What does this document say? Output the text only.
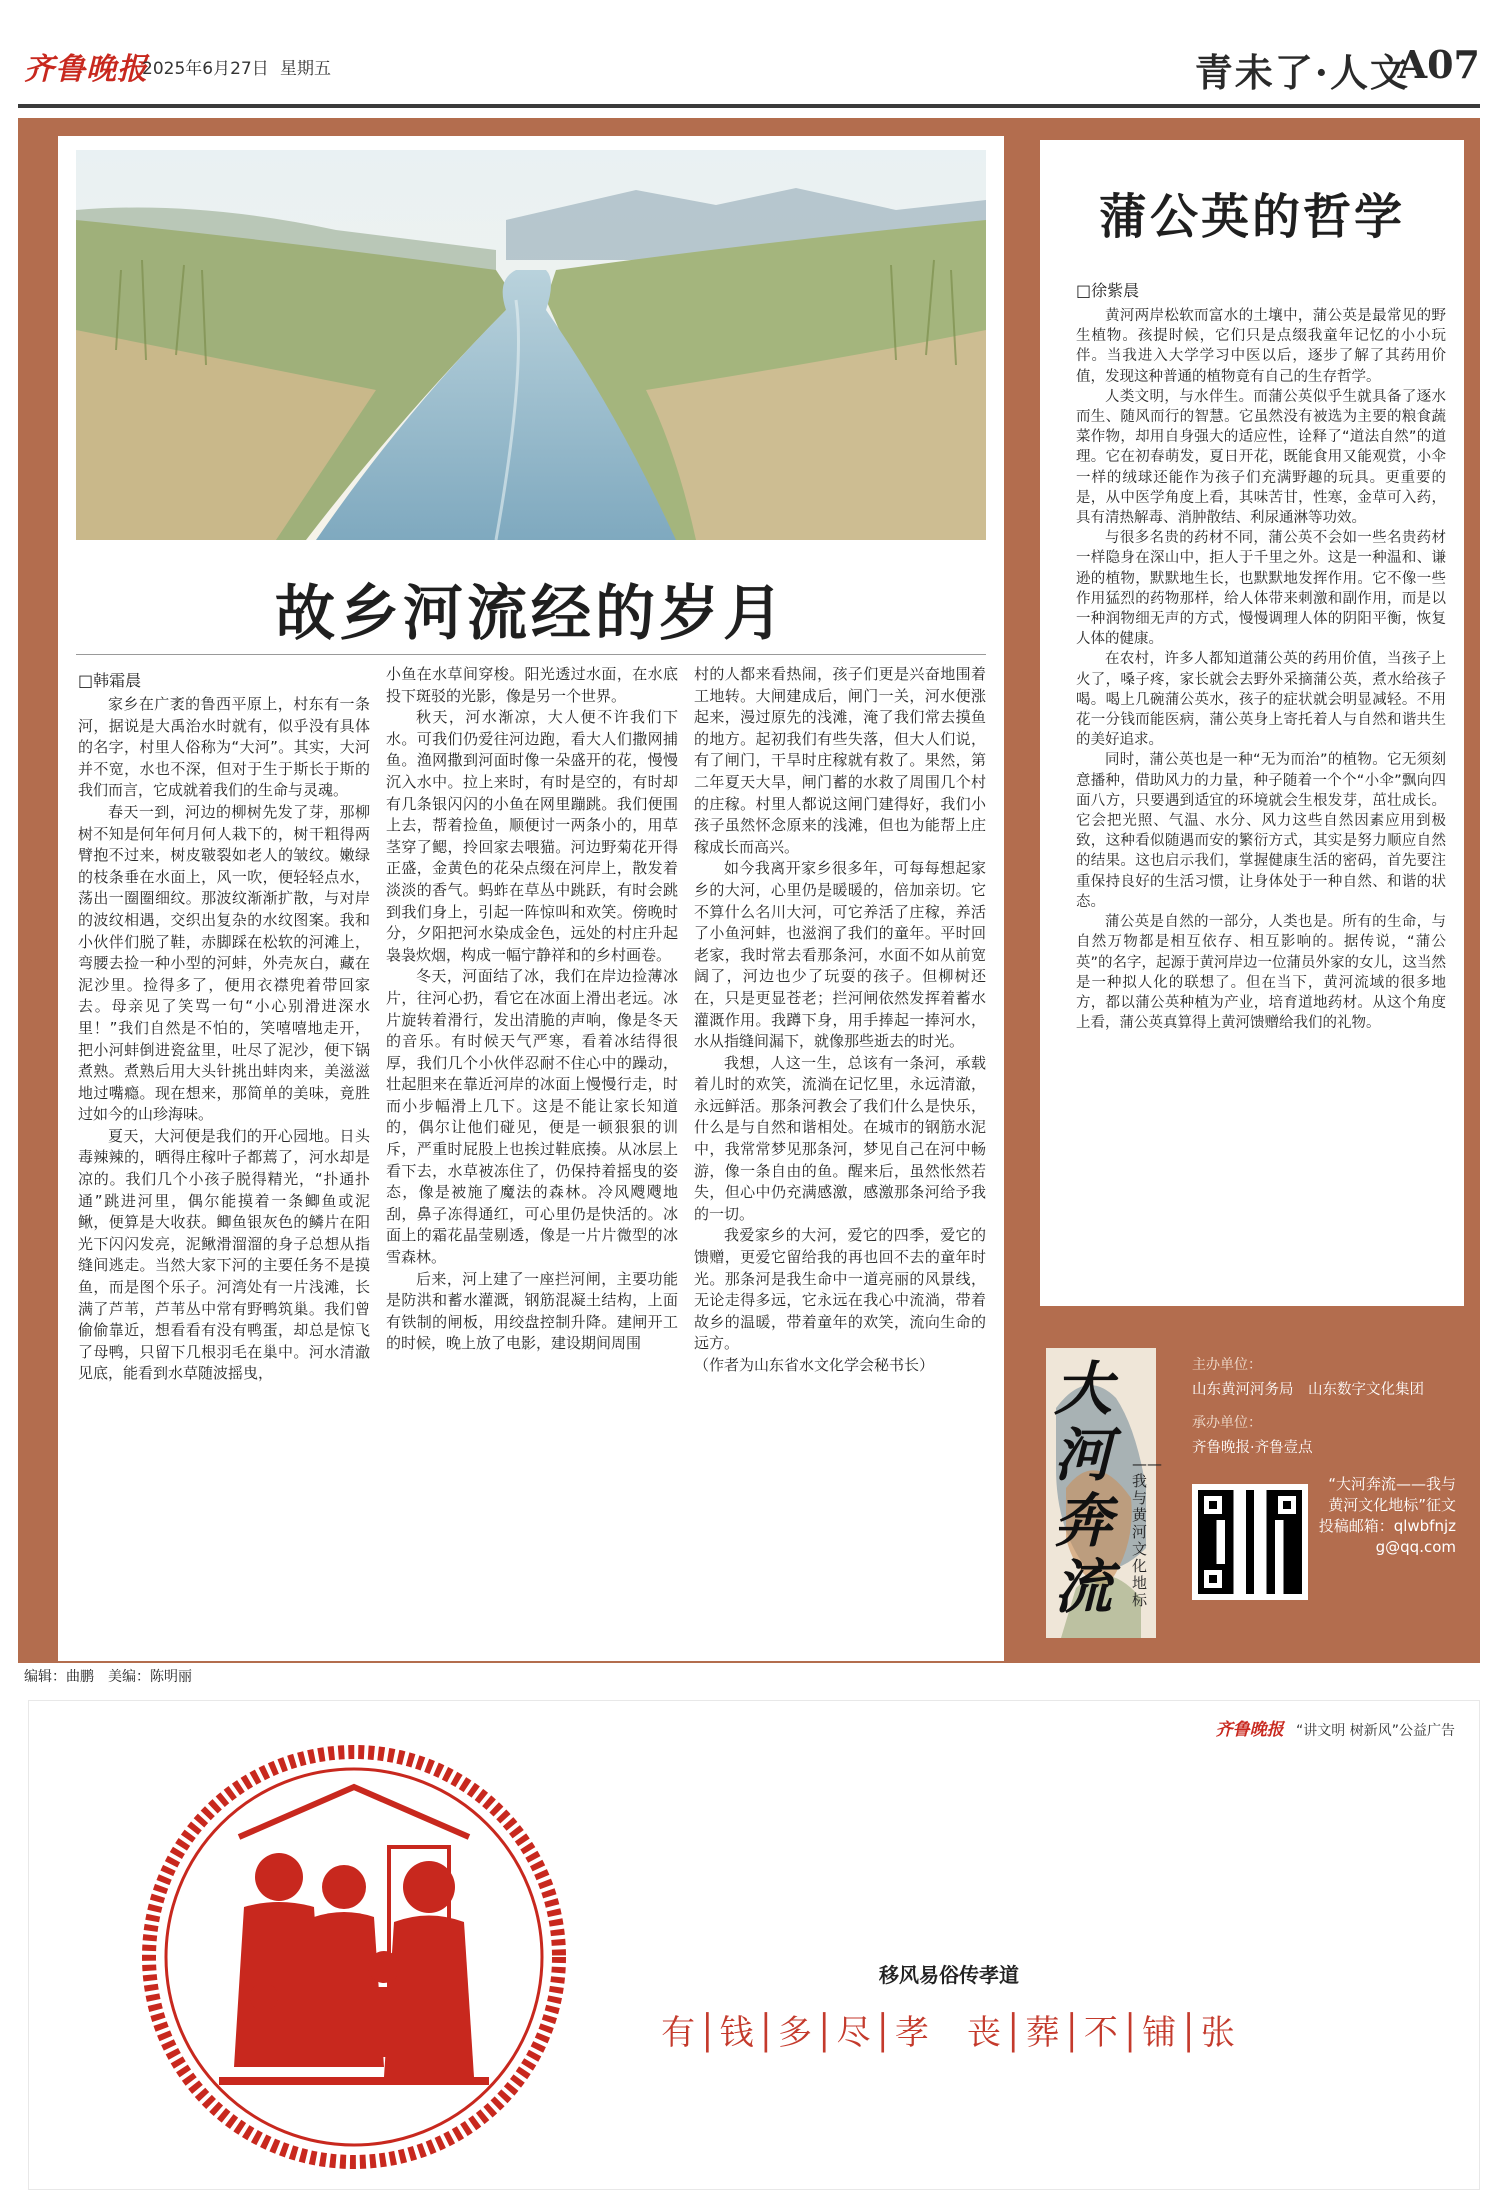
齐鲁晚报
2025年6月27日 星期五	青未了·人文
A07
故乡河流经的岁月
□韩霜晨

家乡在广袤的鲁西平原上，村东有一条河，据说是大禹治水时就有，似乎没有具体的名字，村里人俗称为“大河”。其实，大河并不宽，水也不深，但对于生于斯长于斯的我们而言，它成就着我们的生命与灵魂。

春天一到，河边的柳树先发了芽，那柳树不知是何年何月何人栽下的，树干粗得两臂抱不过来，树皮皲裂如老人的皱纹。嫩绿的枝条垂在水面上，风一吹，便轻轻点水，荡出一圈圈细纹。那波纹渐渐扩散，与对岸的波纹相遇，交织出复杂的水纹图案。我和小伙伴们脱了鞋，赤脚踩在松软的河滩上，弯腰去捡一种小型的河蚌，外壳灰白，藏在泥沙里。捡得多了，便用衣襟兜着带回家去。母亲见了笑骂一句“小心别滑进深水里！”我们自然是不怕的，笑嘻嘻地走开，把小河蚌倒进瓷盆里，吐尽了泥沙，便下锅煮熟。煮熟后用大头针挑出蚌肉来，美滋滋地过嘴瘾。现在想来，那简单的美味，竟胜过如今的山珍海味。

夏天，大河便是我们的开心园地。日头毒辣辣的，晒得庄稼叶子都蔫了，河水却是凉的。我们几个小孩子脱得精光，“扑通扑通”跳进河里，偶尔能摸着一条鲫鱼或泥鳅，便算是大收获。鲫鱼银灰色的鳞片在阳光下闪闪发亮，泥鳅滑溜溜的身子总想从指缝间逃走。当然大家下河的主要任务不是摸鱼，而是图个乐子。河湾处有一片浅滩，长满了芦苇，芦苇丛中常有野鸭筑巢。我们曾偷偷靠近，想看看有没有鸭蛋，却总是惊飞了母鸭，只留下几根羽毛在巢中。河水清澈见底，能看到水草随波摇曳，

小鱼在水草间穿梭。阳光透过水面，在水底投下斑驳的光影，像是另一个世界。

秋天，河水渐凉，大人便不许我们下水。可我们仍爱往河边跑，看大人们撒网捕鱼。渔网撒到河面时像一朵盛开的花，慢慢沉入水中。拉上来时，有时是空的，有时却有几条银闪闪的小鱼在网里蹦跳。我们便围上去，帮着捡鱼，顺便讨一两条小的，用草茎穿了鳃，拎回家去喂猫。河边野菊花开得正盛，金黄色的花朵点缀在河岸上，散发着淡淡的香气。蚂蚱在草丛中跳跃，有时会跳到我们身上，引起一阵惊叫和欢笑。傍晚时分，夕阳把河水染成金色，远处的村庄升起袅袅炊烟，构成一幅宁静祥和的乡村画卷。

冬天，河面结了冰，我们在岸边捡薄冰片，往河心扔，看它在冰面上滑出老远。冰片旋转着滑行，发出清脆的声响，像是冬天的音乐。有时候天气严寒，看着冰结得很厚，我们几个小伙伴忍耐不住心中的躁动，壮起胆来在靠近河岸的冰面上慢慢行走，时而小步幅滑上几下。这是不能让家长知道的，偶尔让他们碰见，便是一顿狠狠的训斥，严重时屁股上也挨过鞋底揍。从冰层上看下去，水草被冻住了，仍保持着摇曳的姿态，像是被施了魔法的森林。冷风飕飕地刮，鼻子冻得通红，可心里仍是快活的。冰面上的霜花晶莹剔透，像是一片片微型的冰雪森林。

后来，河上建了一座拦河闸，主要功能是防洪和蓄水灌溉，钢筋混凝土结构，上面有铁制的闸板，用绞盘控制升降。建闸开工的时候，晚上放了电影，建设期间周围

村的人都来看热闹，孩子们更是兴奋地围着工地转。大闸建成后，闸门一关，河水便涨起来，漫过原先的浅滩，淹了我们常去摸鱼的地方。起初我们有些失落，但大人们说，有了闸门，干旱时庄稼就有救了。果然，第二年夏天大旱，闸门蓄的水救了周围几个村的庄稼。村里人都说这闸门建得好，我们小孩子虽然怀念原来的浅滩，但也为能帮上庄稼成长而高兴。

如今我离开家乡很多年，可每每想起家乡的大河，心里仍是暖暖的，倍加亲切。它不算什么名川大河，可它养活了庄稼，养活了小鱼河蚌，也滋润了我们的童年。平时回老家，我时常去看那条河，水面不如从前宽阔了，河边也少了玩耍的孩子。但柳树还在，只是更显苍老；拦河闸依然发挥着蓄水灌溉作用。我蹲下身，用手捧起一捧河水，水从指缝间漏下，就像那些逝去的时光。

我想，人这一生，总该有一条河，承载着儿时的欢笑，流淌在记忆里，永远清澈，永远鲜活。那条河教会了我们什么是快乐，什么是与自然和谐相处。在城市的钢筋水泥中，我常常梦见那条河，梦见自己在河中畅游，像一条自由的鱼。醒来后，虽然怅然若失，但心中仍充满感激，感激那条河给予我的一切。

我爱家乡的大河，爱它的四季，爱它的馈赠，更爱它留给我的再也回不去的童年时光。那条河是我生命中一道亮丽的风景线，无论走得多远，它永远在我心中流淌，带着故乡的温暖，带着童年的欢笑，流向生命的远方。

（作者为山东省水文化学会秘书长）

蒲公英的哲学
□徐紫晨

黄河两岸松软而富水的土壤中，蒲公英是最常见的野生植物。孩提时候，它们只是点缀我童年记忆的小小玩伴。当我进入大学学习中医以后，逐步了解了其药用价值，发现这种普通的植物竟有自己的生存哲学。

人类文明，与水伴生。而蒲公英似乎生就具备了逐水而生、随风而行的智慧。它虽然没有被选为主要的粮食蔬菜作物，却用自身强大的适应性，诠释了“道法自然”的道理。它在初春萌发，夏日开花，既能食用又能观赏，小伞一样的绒球还能作为孩子们充满野趣的玩具。更重要的是，从中医学角度上看，其味苦甘，性寒，金草可入药，具有清热解毒、消肿散结、利尿通淋等功效。

与很多名贵的药材不同，蒲公英不会如一些名贵药材一样隐身在深山中，拒人于千里之外。这是一种温和、谦逊的植物，默默地生长，也默默地发挥作用。它不像一些作用猛烈的药物那样，给人体带来刺激和副作用，而是以一种润物细无声的方式，慢慢调理人体的阴阳平衡，恢复人体的健康。

在农村，许多人都知道蒲公英的药用价值，当孩子上火了，嗓子疼，家长就会去野外采摘蒲公英，煮水给孩子喝。喝上几碗蒲公英水，孩子的症状就会明显减轻。不用花一分钱而能医病，蒲公英身上寄托着人与自然和谐共生的美好追求。

同时，蒲公英也是一种“无为而治”的植物。它无须刻意播种，借助风力的力量，种子随着一个个“小伞”飘向四面八方，只要遇到适宜的环境就会生根发芽，茁壮成长。它会把光照、气温、水分、风力这些自然因素应用到极致，这种看似随遇而安的繁衍方式，其实是努力顺应自然的结果。这也启示我们，掌握健康生活的密码，首先要注重保持良好的生活习惯，让身体处于一种自然、和谐的状态。

蒲公英是自然的一部分，人类也是。所有的生命，与自然万物都是相互依存、相互影响的。据传说，“蒲公英”的名字，起源于黄河岸边一位蒲员外家的女儿，这当然是一种拟人化的联想了。但在当下，黄河流域的很多地方，都以蒲公英种植为产业，培育道地药材。从这个角度上看，蒲公英真算得上黄河馈赠给我们的礼物。

大河奔流
——我与黄河文化地标
主办单位：
山东黄河河务局　山东数字文化集团
承办单位：
齐鲁晚报·齐鲁壹点
“大河奔流——我与黄河文化地标”征文投稿邮箱：qlwbfnjzg@qq.com
编辑：曲鹏　美编：陈明丽
齐鲁晚报 “讲文明 树新风”公益广告
移风易俗传孝道
有│钱│多│尽│孝　丧│葬│不│铺│张
